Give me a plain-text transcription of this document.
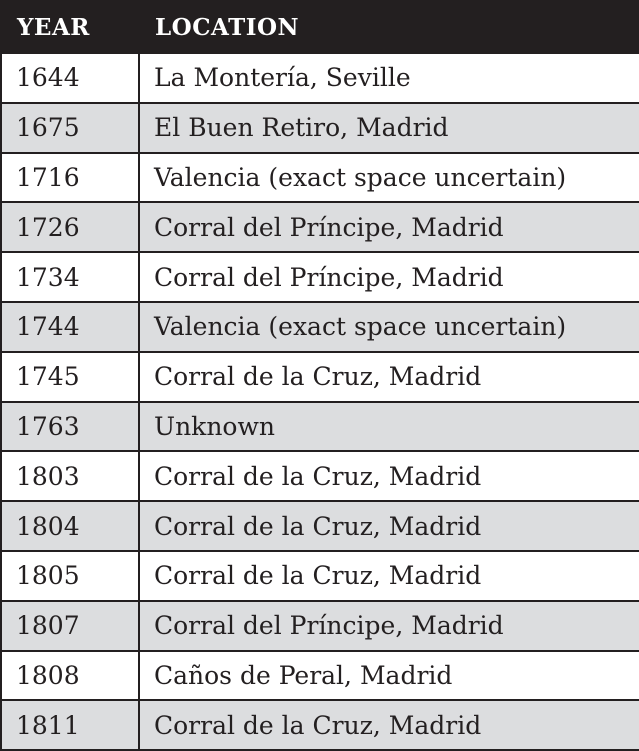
YEAR	LOCATION
1644	La Montería, Seville
1675	El Buen Retiro, Madrid
1716	Valencia (exact space uncertain)
1726	Corral del Príncipe, Madrid
1734	Corral del Príncipe, Madrid
1744	Valencia (exact space uncertain)
1745	Corral de la Cruz, Madrid
1763	Unknown
1803	Corral de la Cruz, Madrid
1804	Corral de la Cruz, Madrid
1805	Corral de la Cruz, Madrid
1807	Corral del Príncipe, Madrid
1808	Caños de Peral, Madrid
1811	Corral de la Cruz, Madrid
